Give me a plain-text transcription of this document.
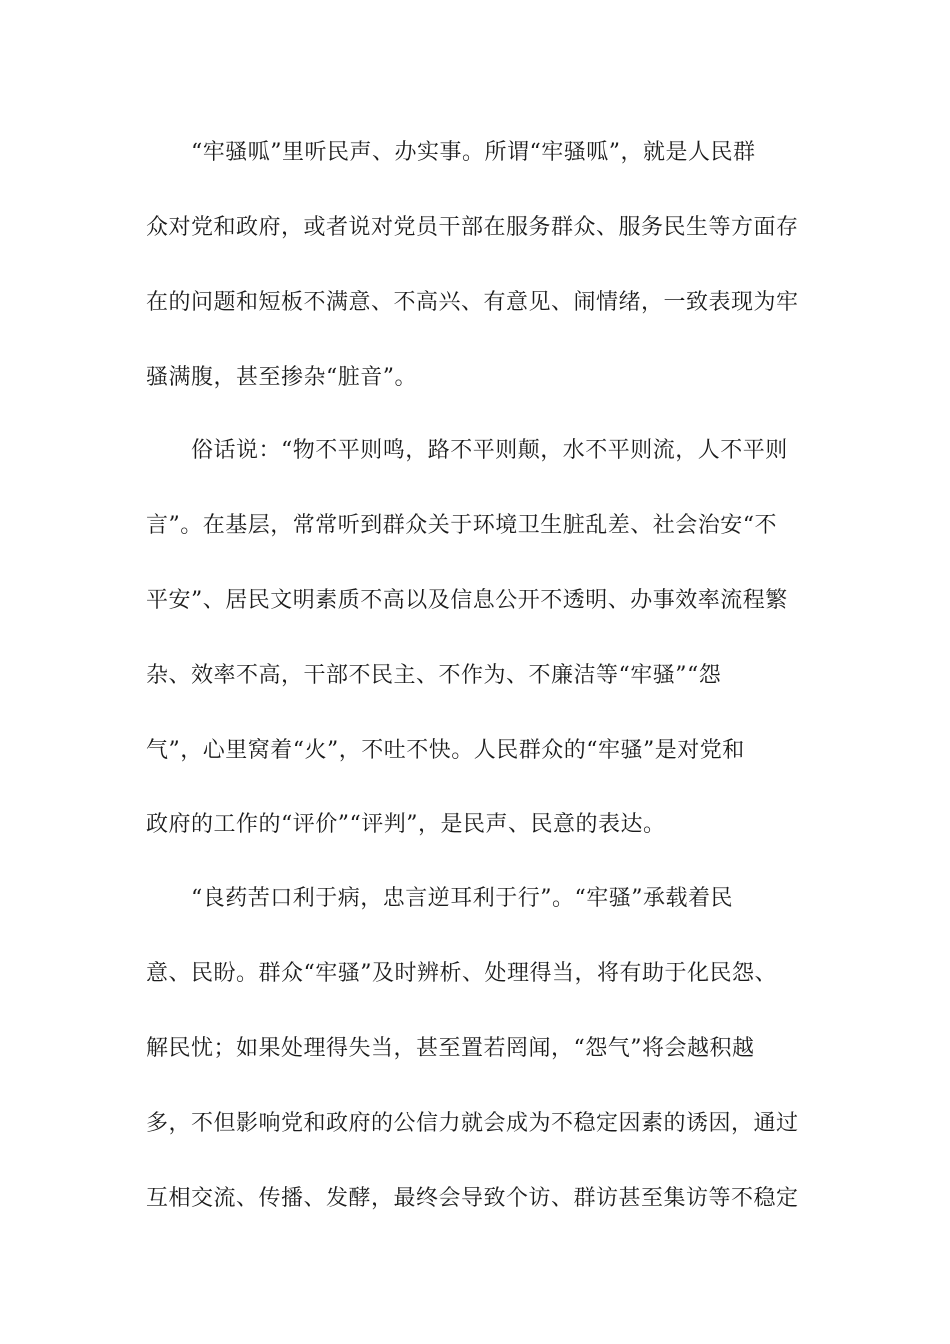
“牢骚呱”里听民声、办实事。所谓“牢骚呱”，就是人民群
众对党和政府，或者说对党员干部在服务群众、服务民生等方面存
在的问题和短板不满意、不高兴、有意见、闹情绪，一致表现为牢
骚满腹，甚至掺杂“脏音”。
俗话说：“物不平则鸣，路不平则颠，水不平则流，人不平则
言”。在基层，常常听到群众关于环境卫生脏乱差、社会治安“不
平安”、居民文明素质不高以及信息公开不透明、办事效率流程繁
杂、效率不高，干部不民主、不作为、不廉洁等“牢骚”“怨
气”，心里窝着“火”，不吐不快。人民群众的“牢骚”是对党和
政府的工作的“评价”“评判”，是民声、民意的表达。
“良药苦口利于病，忠言逆耳利于行”。“牢骚”承载着民
意、民盼。群众“牢骚”及时辨析、处理得当，将有助于化民怨、
解民忧；如果处理得失当，甚至置若罔闻，“怨气”将会越积越
多，不但影响党和政府的公信力就会成为不稳定因素的诱因，通过
互相交流、传播、发酵，最终会导致个访、群访甚至集访等不稳定
